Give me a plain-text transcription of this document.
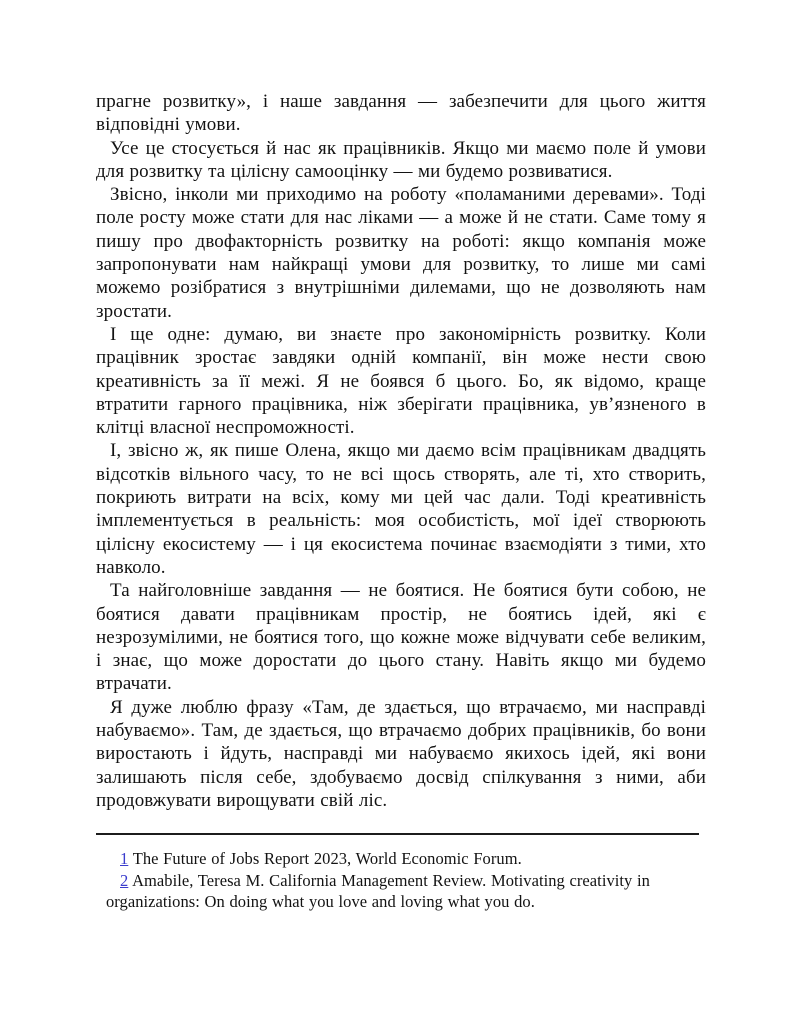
прагне розвитку», і наше завдання — забезпечити для цього життя відповідні умови.

Усе це стосується й нас як працівників. Якщо ми маємо поле й умови для розвитку та цілісну самооцінку — ми будемо розвиватися.

Звісно, інколи ми приходимо на роботу «поламаними деревами». Тоді поле росту може стати для нас ліками — а може й не стати. Саме тому я пишу про двофакторність розвитку на роботі: якщо компанія може запропонувати нам найкращі умови для розвитку, то лише ми самі можемо розібратися з внутрішніми дилемами, що не дозволяють нам зростати.

І ще одне: думаю, ви знаєте про закономірність розвитку. Коли працівник зростає завдяки одній компанії, він може нести свою креативність за її межі. Я не боявся б цього. Бо, як відомо, краще втратити гарного працівника, ніж зберігати працівника, ув’язненого в клітці власної неспроможності.

І, звісно ж, як пише Олена, якщо ми даємо всім працівникам двадцять відсотків вільного часу, то не всі щось створять, але ті, хто створить, покриють витрати на всіх, кому ми цей час дали. Тоді креативність імплементується в реальність: моя особистість, мої ідеї створюють цілісну екосистему — і ця екосистема починає взаємодіяти з тими, хто навколо.

Та найголовніше завдання — не боятися. Не боятися бути собою, не боятися давати працівникам простір, не боятись ідей, які є незрозумілими, не боятися того, що кожне може відчувати себе великим, і знає, що може доростати до цього стану. Навіть якщо ми будемо втрачати.

Я дуже люблю фразу «Там, де здається, що втрачаємо, ми насправді набуваємо». Там, де здається, що втрачаємо добрих працівників, бо вони виростають і йдуть, насправді ми набуваємо якихось ідей, які вони залишають після себе, здобуваємо досвід спілкування з ними, аби продовжувати вирощувати свій ліс.

1 The Future of Jobs Report 2023, World Economic Forum.

2 Amabile, Teresa M. California Management Review. Motivating creativity in organizations: On doing what you love and loving what you do.
